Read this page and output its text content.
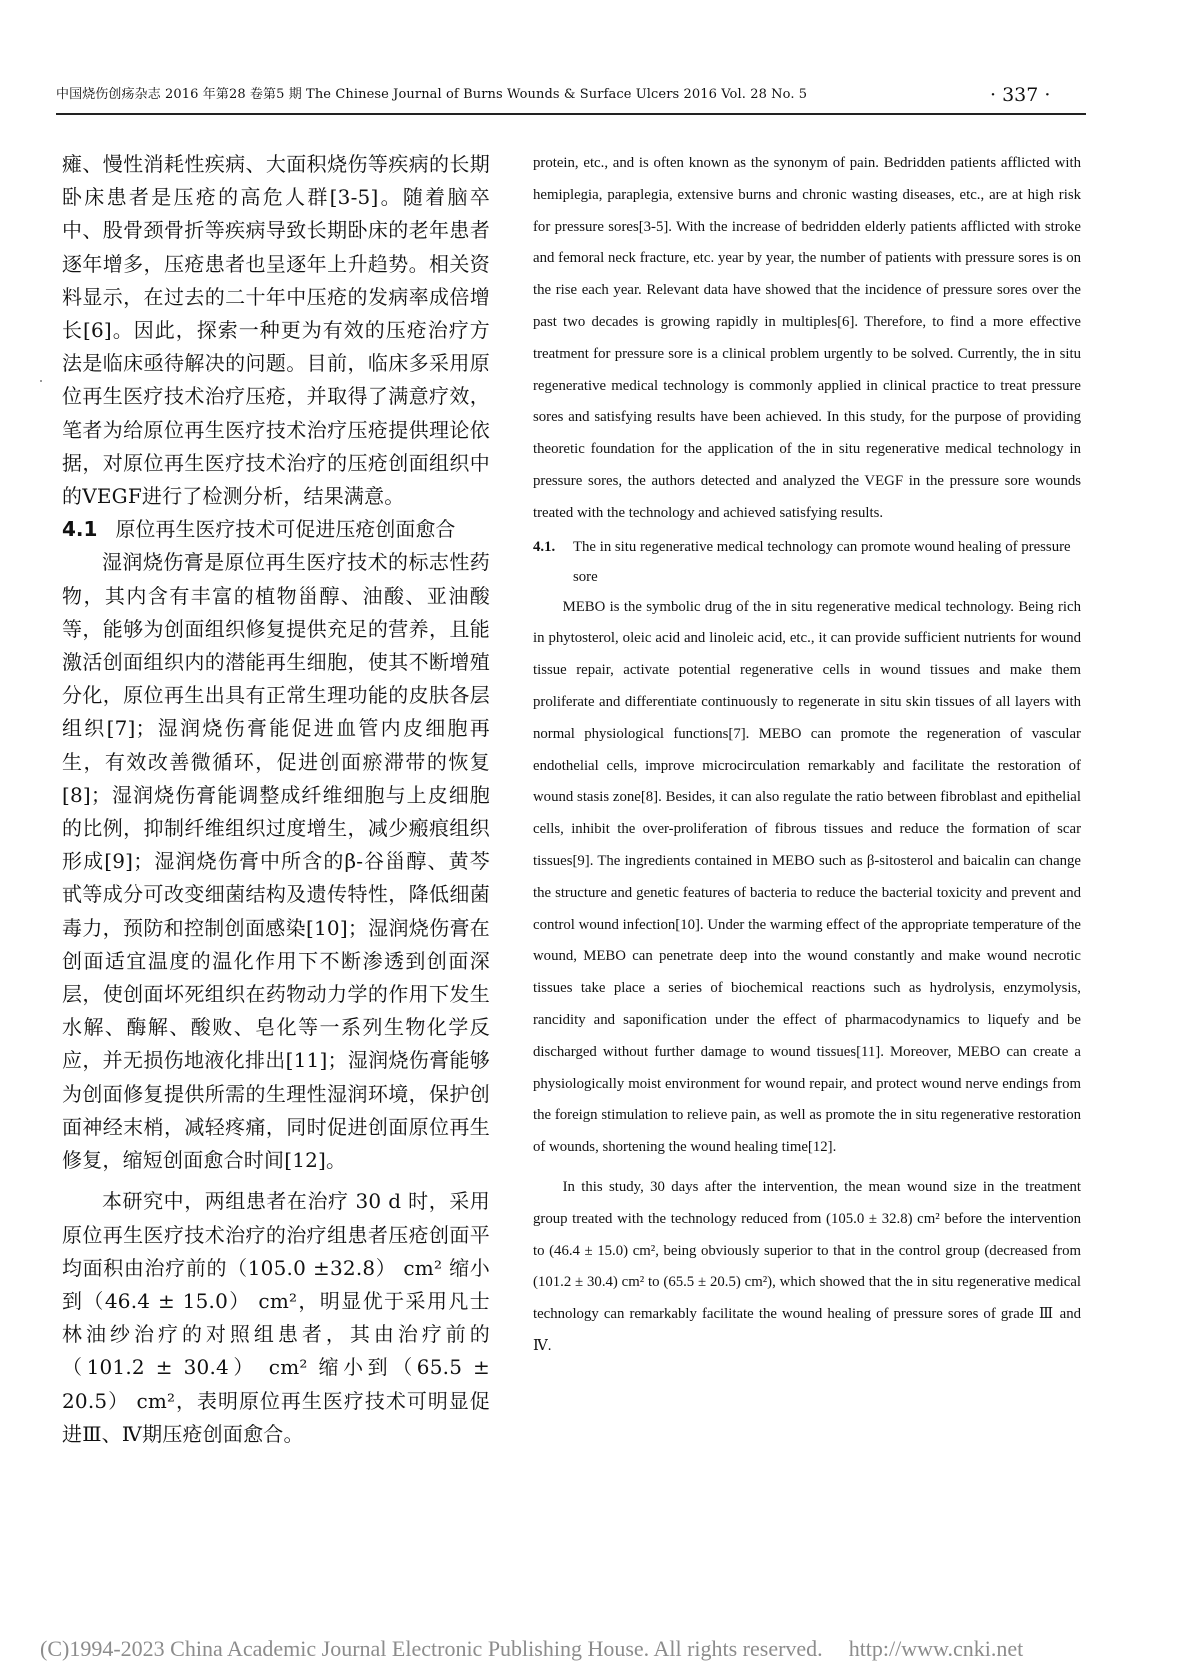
中国烧伤创疡杂志 2016 年第28 卷第5 期 The Chinese Journal of Burns Wounds & Surface Ulcers 2016 Vol. 28 No. 5	· 337 ·

瘫、慢性消耗性疾病、大面积烧伤等疾病的长期卧床患者是压疮的高危人群[3-5]。随着脑卒中、股骨颈骨折等疾病导致长期卧床的老年患者逐年增多，压疮患者也呈逐年上升趋势。相关资料显示，在过去的二十年中压疮的发病率成倍增长[6]。因此，探索一种更为有效的压疮治疗方法是临床亟待解决的问题。目前，临床多采用原位再生医疗技术治疗压疮，并取得了满意疗效，笔者为给原位再生医疗技术治疗压疮提供理论依据，对原位再生医疗技术治疗的压疮创面组织中的VEGF进行了检测分析，结果满意。

4.1 原位再生医疗技术可促进压疮创面愈合

湿润烧伤膏是原位再生医疗技术的标志性药物，其内含有丰富的植物甾醇、油酸、亚油酸等，能够为创面组织修复提供充足的营养，且能激活创面组织内的潜能再生细胞，使其不断增殖分化，原位再生出具有正常生理功能的皮肤各层组织[7]；湿润烧伤膏能促进血管内皮细胞再生，有效改善微循环，促进创面瘀滞带的恢复[8]；湿润烧伤膏能调整成纤维细胞与上皮细胞的比例，抑制纤维组织过度增生，减少瘢痕组织形成[9]；湿润烧伤膏中所含的β-谷甾醇、黄芩甙等成分可改变细菌结构及遗传特性，降低细菌毒力，预防和控制创面感染[10]；湿润烧伤膏在创面适宜温度的温化作用下不断渗透到创面深层，使创面坏死组织在药物动力学的作用下发生水解、酶解、酸败、皂化等一系列生物化学反应，并无损伤地液化排出[11]；湿润烧伤膏能够为创面修复提供所需的生理性湿润环境，保护创面神经末梢，减轻疼痛，同时促进创面原位再生修复，缩短创面愈合时间[12]。

本研究中，两组患者在治疗 30 d 时，采用原位再生医疗技术治疗的治疗组患者压疮创面平均面积由治疗前的（105.0 ±32.8） cm² 缩小到（46.4 ± 15.0） cm²，明显优于采用凡士林油纱治疗的对照组患者，其由治疗前的（101.2 ± 30.4） cm² 缩小到（65.5 ± 20.5） cm²，表明原位再生医疗技术可明显促进Ⅲ、Ⅳ期压疮创面愈合。

protein, etc., and is often known as the synonym of pain. Bedridden patients afflicted with hemiplegia, paraplegia, extensive burns and chronic wasting diseases, etc., are at high risk for pressure sores[3-5]. With the increase of bedridden elderly patients afflicted with stroke and femoral neck fracture, etc. year by year, the number of patients with pressure sores is on the rise each year. Relevant data have showed that the incidence of pressure sores over the past two decades is growing rapidly in multiples[6]. Therefore, to find a more effective treatment for pressure sore is a clinical problem urgently to be solved. Currently, the in situ regenerative medical technology is commonly applied in clinical practice to treat pressure sores and satisfying results have been achieved. In this study, for the purpose of providing theoretic foundation for the application of the in situ regenerative medical technology in pressure sores, the authors detected and analyzed the VEGF in the pressure sore wounds treated with the technology and achieved satisfying results.

4.1. The in situ regenerative medical technology can promote wound healing of pressure sore

MEBO is the symbolic drug of the in situ regenerative medical technology. Being rich in phytosterol, oleic acid and linoleic acid, etc., it can provide sufficient nutrients for wound tissue repair, activate potential regenerative cells in wound tissues and make them proliferate and differentiate continuously to regenerate in situ skin tissues of all layers with normal physiological functions[7]. MEBO can promote the regeneration of vascular endothelial cells, improve microcirculation remarkably and facilitate the restoration of wound stasis zone[8]. Besides, it can also regulate the ratio between fibroblast and epithelial cells, inhibit the over-proliferation of fibrous tissues and reduce the formation of scar tissues[9]. The ingredients contained in MEBO such as β-sitosterol and baicalin can change the structure and genetic features of bacteria to reduce the bacterial toxicity and prevent and control wound infection[10]. Under the warming effect of the appropriate temperature of the wound, MEBO can penetrate deep into the wound constantly and make wound necrotic tissues take place a series of biochemical reactions such as hydrolysis, enzymolysis, rancidity and saponification under the effect of pharmacodynamics to liquefy and be discharged without further damage to wound tissues[11]. Moreover, MEBO can create a physiologically moist environment for wound repair, and protect wound nerve endings from the foreign stimulation to relieve pain, as well as promote the in situ regenerative restoration of wounds, shortening the wound healing time[12].

In this study, 30 days after the intervention, the mean wound size in the treatment group treated with the technology reduced from (105.0 ± 32.8) cm² before the intervention to (46.4 ± 15.0) cm², being obviously superior to that in the control group (decreased from (101.2 ± 30.4) cm² to (65.5 ± 20.5) cm²), which showed that the in situ regenerative medical technology can remarkably facilitate the wound healing of pressure sores of grade Ⅲ and Ⅳ.

(C)1994-2023 China Academic Journal Electronic Publishing House. All rights reserved. http://www.cnki.net
